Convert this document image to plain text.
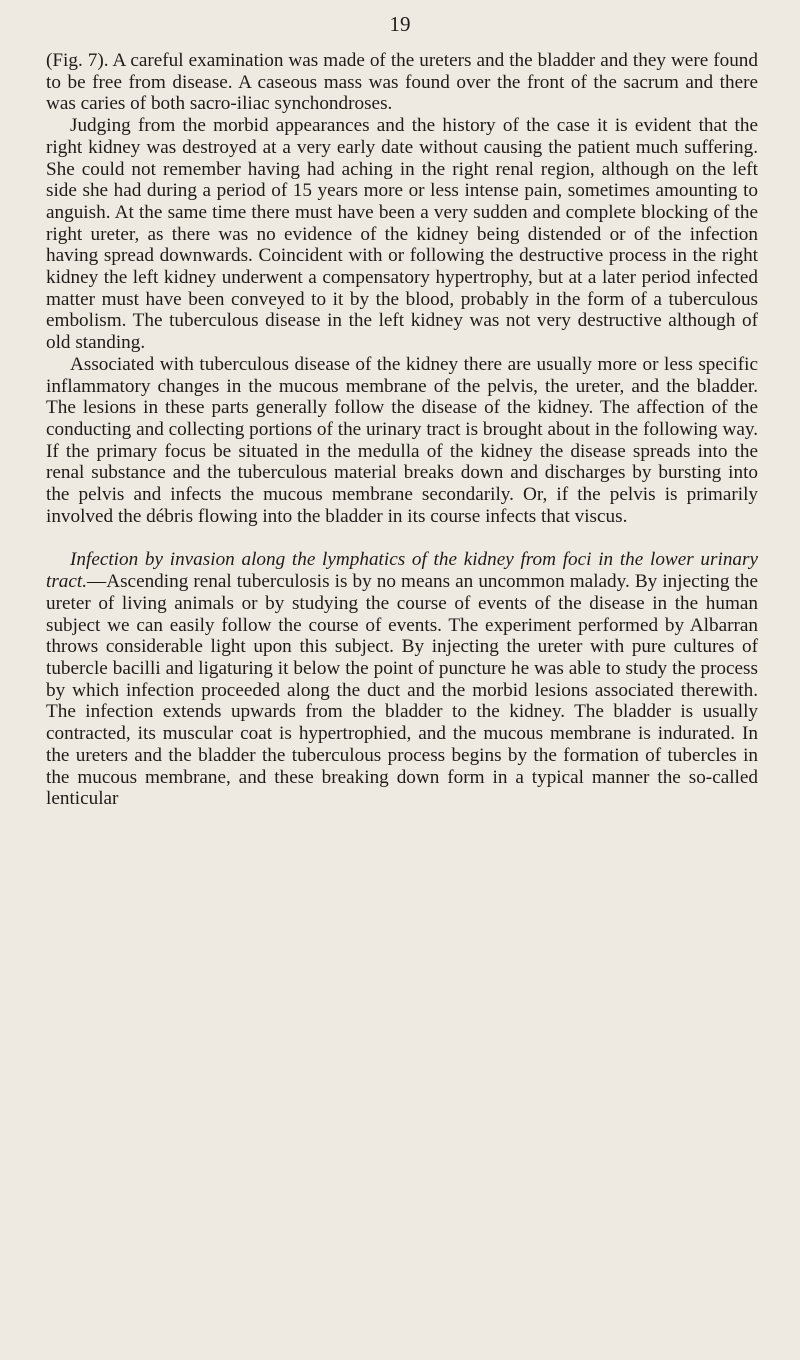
19

(Fig. 7). A careful examination was made of the ureters and the bladder and they were found to be free from disease. A caseous mass was found over the front of the sacrum and there was caries of both sacro-iliac synchondroses.

Judging from the morbid appearances and the history of the case it is evident that the right kidney was destroyed at a very early date without causing the patient much suffering. She could not remember having had aching in the right renal region, although on the left side she had during a period of 15 years more or less intense pain, sometimes amounting to anguish. At the same time there must have been a very sudden and complete blocking of the right ureter, as there was no evidence of the kidney being distended or of the infection having spread downwards. Coincident with or following the destructive process in the right kidney the left kidney underwent a compensatory hypertrophy, but at a later period infected matter must have been conveyed to it by the blood, probably in the form of a tuberculous embolism. The tuberculous disease in the left kidney was not very destructive although of old standing.

Associated with tuberculous disease of the kidney there are usually more or less specific inflammatory changes in the mucous membrane of the pelvis, the ureter, and the bladder. The lesions in these parts generally follow the disease of the kidney. The affection of the conducting and collecting portions of the urinary tract is brought about in the following way. If the primary focus be situated in the medulla of the kidney the disease spreads into the renal substance and the tuberculous material breaks down and discharges by bursting into the pelvis and infects the mucous membrane secondarily. Or, if the pelvis is primarily involved the débris flowing into the bladder in its course infects that viscus.

Infection by invasion along the lymphatics of the kidney from foci in the lower urinary tract.—Ascending renal tuberculosis is by no means an uncommon malady. By injecting the ureter of living animals or by studying the course of events of the disease in the human subject we can easily follow the course of events. The experiment performed by Albarran throws considerable light upon this subject. By injecting the ureter with pure cultures of tubercle bacilli and ligaturing it below the point of puncture he was able to study the process by which infection proceeded along the duct and the morbid lesions associated therewith. The infection extends upwards from the bladder to the kidney. The bladder is usually contracted, its muscular coat is hypertrophied, and the mucous membrane is indurated. In the ureters and the bladder the tuberculous process begins by the formation of tubercles in the mucous membrane, and these breaking down form in a typical manner the so-called lenticular
